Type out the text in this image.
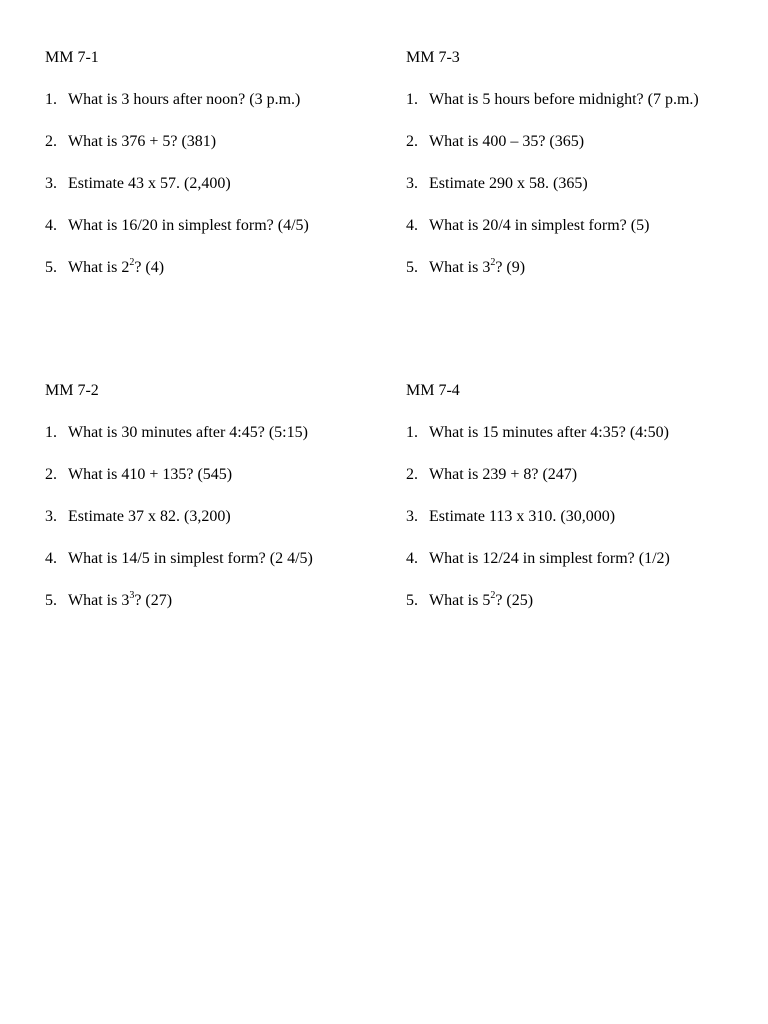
MM 7-1
1. What is 3 hours after noon? (3 p.m.)
2. What is 376 + 5? (381)
3. Estimate 43 x 57. (2,400)
4. What is 16/20 in simplest form? (4/5)
5. What is $2^2$? (4)
MM 7-3
1. What is 5 hours before midnight? (7 p.m.)
2. What is 400 – 35? (365)
3. Estimate 290 x 58. (365)
4. What is 20/4 in simplest form? (5)
5. What is $3^2$? (9)
MM 7-2
1. What is 30 minutes after 4:45? (5:15)
2. What is 410 + 135? (545)
3. Estimate 37 x 82. (3,200)
4. What is 14/5 in simplest form? (2 4/5)
5. What is $3^3$? (27)
MM 7-4
1. What is 15 minutes after 4:35? (4:50)
2. What is 239 + 8? (247)
3. Estimate 113 x 310. (30,000)
4. What is 12/24 in simplest form? (1/2)
5. What is $5^2$? (25)
